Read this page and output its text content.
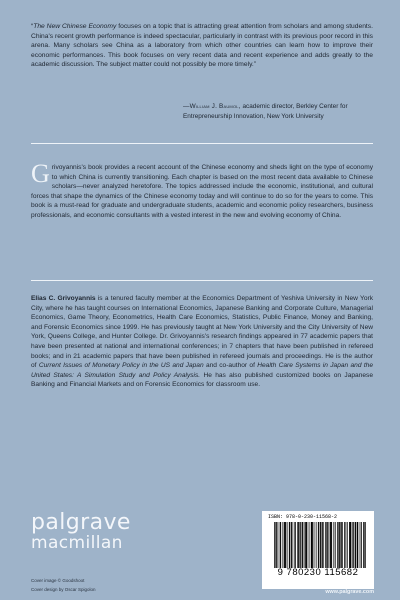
“The New Chinese Economy focuses on a topic that is attracting great attention from scholars and among students. China's recent growth performance is indeed spectacular, particularly in contrast with its previous poor record in this arena. Many scholars see China as a laboratory from which other countries can learn how to improve their economic performances. This book focuses on very recent data and recent experience and adds greatly to the academic discussion. The subject matter could not possibly be more timely.”
—William J. Baumol, academic director, Berkley Center for Entrepreneurship Innovation, New York University
Grivoyannis's book provides a recent account of the Chinese economy and sheds light on the type of economy to which China is currently transitioning. Each chapter is based on the most recent data available to Chinese scholars—never analyzed heretofore. The topics addressed include the economic, institutional, and cultural forces that shape the dynamics of the Chinese economy today and will continue to do so for the years to come. This book is a must-read for graduate and undergraduate students, academic and economic policy researchers, business professionals, and economic consultants with a vested interest in the new and evolving economy of China.
Elias C. Grivoyannis is a tenured faculty member at the Economics Department of Yeshiva University in New York City, where he has taught courses on International Economics, Japanese Banking and Corporate Culture, Managerial Economics, Game Theory, Econometrics, Health Care Economics, Statistics, Public Finance, Money and Banking, and Forensic Economics since 1999. He has previously taught at New York University and the City University of New York, Queens College, and Hunter College. Dr. Grivoyannis's research findings appeared in 77 academic papers that have been presented at national and international conferences; in 7 chapters that have been published in refereed books; and in 21 academic papers that have been published in refereed journals and proceedings. He is the author of Current Issues of Monetary Policy in the US and Japan and co-author of Health Care Systems in Japan and the United States: A Simulation Study and Policy Analysis. He has also published customized books on Japanese Banking and Financial Markets and on Forensic Economics for classroom use.
palgrave
macmillan
Cover image © Goodshoot
Cover design by Oscar Spigolon
ISBN: 978-0-230-11568-2
9 780230 115682
www.palgrave.com
